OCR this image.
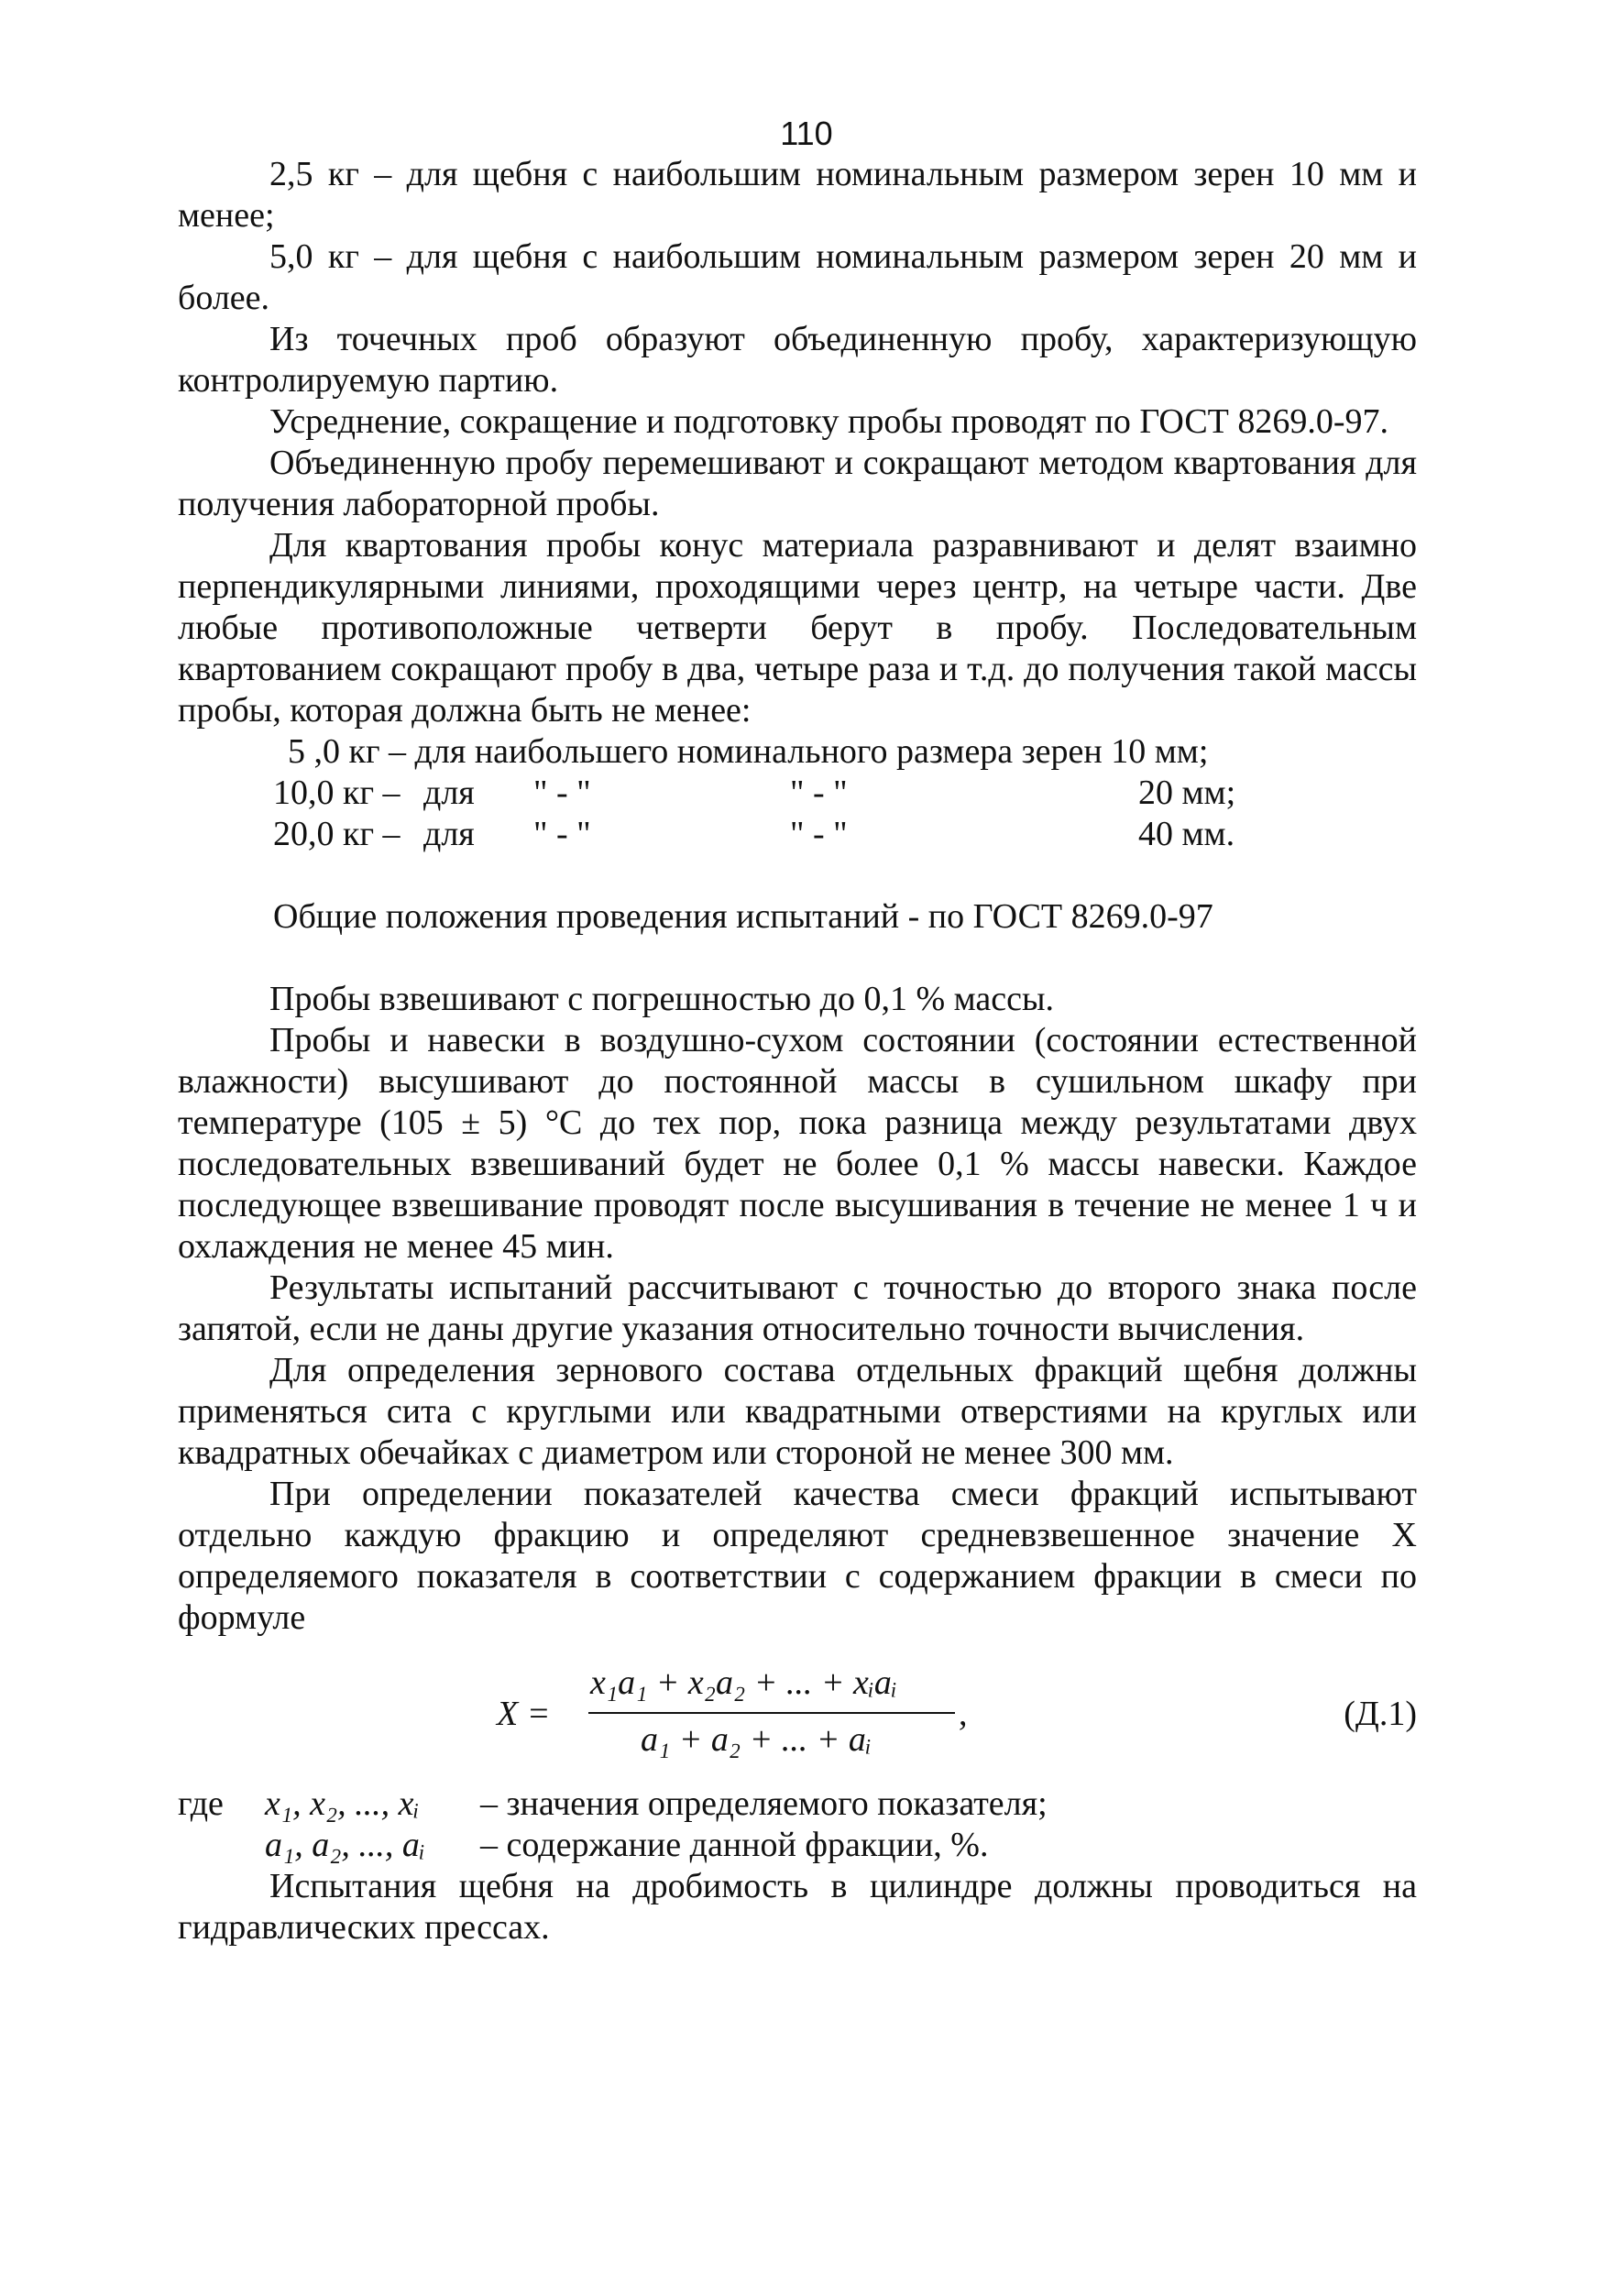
110

2,5 кг – для щебня с наибольшим номинальным размером зерен 10 мм и менее;

5,0 кг – для щебня с наибольшим номинальным размером зерен 20 мм и более.

Из точечных проб образуют объединенную пробу, характеризующую контролируемую партию.

Усреднение, сокращение и подготовку пробы проводят по ГОСТ 8269.0-97.

Объединенную пробу перемешивают и сокращают методом квартования для получения лабораторной пробы.

Для квартования пробы конус материала разравнивают и делят взаимно перпендикулярными линиями, проходящими через центр, на четыре части. Две любые противоположные четверти берут в пробу. Последовательным квартованием сокращают пробу в два, четыре раза и т.д. до получения такой массы пробы, которая должна быть не менее:

5 ,0 кг – для наибольшего номинального размера зерен 10 мм;
10,0 кг – для " - "	" - "	20 мм;
20,0 кг – для " - "	" - "	40 мм.

Общие положения проведения испытаний - по ГОСТ 8269.0-97

Пробы взвешивают с погрешностью до 0,1 % массы.

Пробы и навески в воздушно-сухом состоянии (состоянии естественной влажности) высушивают до постоянной массы в сушильном шкафу при температуре (105 ± 5) °С до тех пор, пока разница между результатами двух последовательных взвешиваний будет не более 0,1 % массы навески. Каждое последующее взвешивание проводят после высушивания в течение не менее 1 ч и охлаждения не менее 45 мин.

Результаты испытаний рассчитывают с точностью до второго знака после запятой, если не даны другие указания относительно точности вычисления.

Для определения зернового состава отдельных фракций щебня должны применяться сита с круглыми или квадратными отверстиями на круглых или квадратных обечайках с диаметром или стороной не менее 300 мм.

При определении показателей качества смеси фракций испытывают отдельно каждую фракцию и определяют средневзвешенное значение X определяемого показателя в соответствии с содержанием фракции в смеси по формуле

X =
x₁a₁ + x₂a₂ + ... + xᵢaᵢ
a₁ + a₂ + ... + aᵢ
,	(Д.1)
где x₁, x₂, ..., xᵢ – значения определяемого показателя;
a₁, a₂, ..., aᵢ – содержание данной фракции, %.

Испытания щебня на дробимость в цилиндре должны проводиться на гидравлических прессах.
